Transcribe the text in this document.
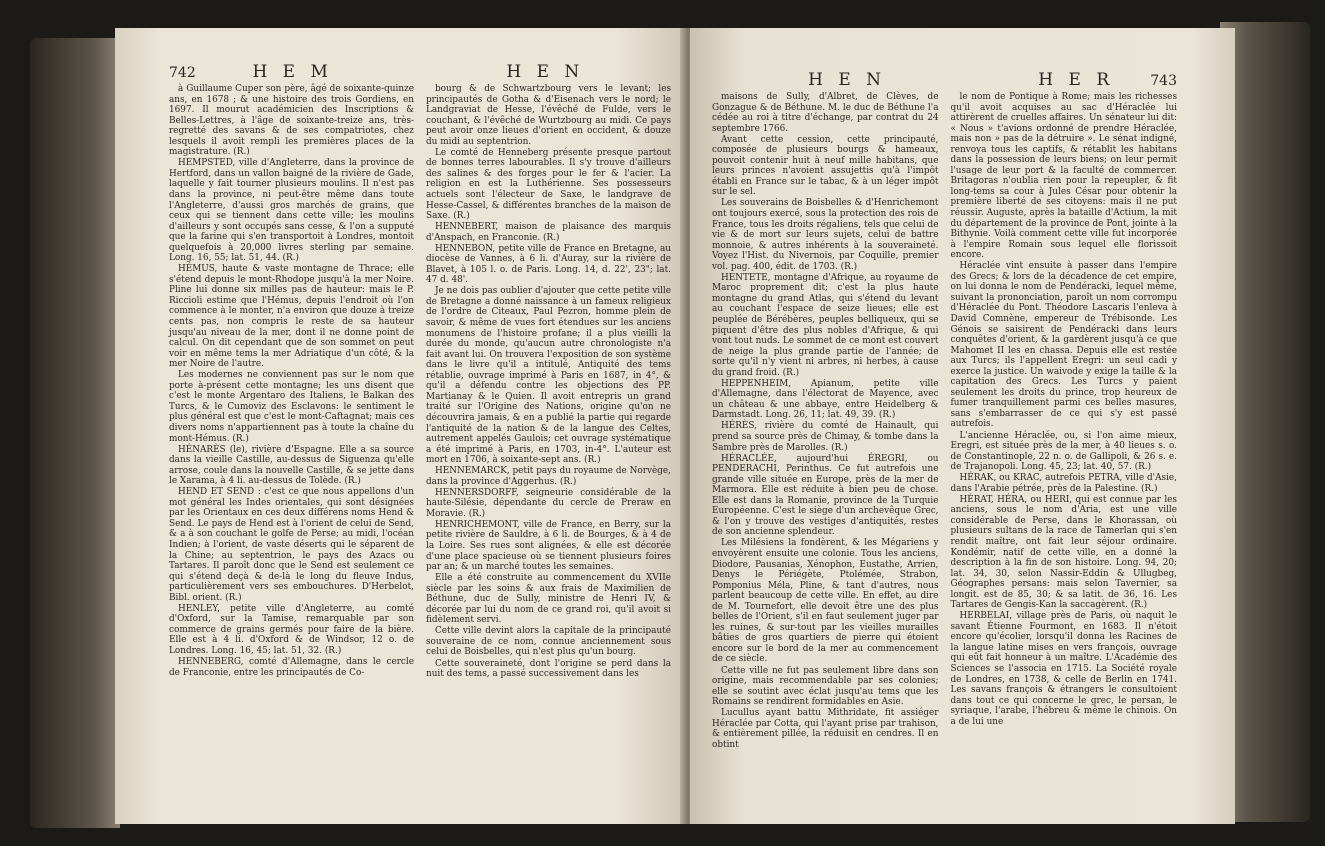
742	H E M	H E N

à Guillaume Cuper son père, âgé de soixante-quinze ans, en 1678 ; & une histoire des trois Gordiens, en 1697. Il mourut académicien des Inscriptions & Belles-Lettres, à l'âge de soixante-treize ans, très-regretté des savans & de ses compatriotes, chez lesquels il avoit rempli les premières places de la magistrature. (R.)

HEMPSTED, ville d'Angleterre, dans la province de Hertford, dans un vallon baigné de la rivière de Gade, laquelle y fait tourner plusieurs moulins. Il n'est pas dans la province, ni peut-être même dans toute l'Angleterre, d'aussi gros marchés de grains, que ceux qui se tiennent dans cette ville; les moulins d'ailleurs y sont occupés sans cesse, & l'on a supputé que la farine qui s'en transportoit à Londres, montoit quelquefois à 20,000 livres sterling par semaine. Long. 16, 55; lat. 51, 44. (R.)

HÉMUS, haute & vaste montagne de Thrace; elle s'étend depuis le mont-Rhodope jusqu'à la mer Noire. Pline lui donne six milles pas de hauteur: mais le P. Riccioli estime que l'Hémus, depuis l'endroit où l'on commence à le monter, n'a environ que douze à treize cents pas, non compris le reste de sa hauteur jusqu'au niveau de la mer, dont il ne donne point de calcul. On dit cependant que de son sommet on peut voir en même tems la mer Adriatique d'un côté, & la mer Noire de l'autre.

Les modernes ne conviennent pas sur le nom que porte à-présent cette montagne; les uns disent que c'est le monte Argentaro des Italiens, le Balkan des Turcs, & le Cumoviz des Esclavons: le sentiment le plus général est que c'est le mont-Caftagnat; mais ces divers noms n'appartiennent pas à toute la chaîne du mont-Hémus. (R.)

HÉNARÈS (le), rivière d'Espagne. Elle a sa source dans la vieille Castille, au-dessus de Siguenza qu'elle arrose, coule dans la nouvelle Castille, & se jette dans le Xarama, à 4 li. au-dessus de Tolède. (R.)

HEND ET SEND : c'est ce que nous appellons d'un mot général les Indes orientales, qui sont désignées par les Orientaux en ces deux différens noms Hend & Send. Le pays de Hend est à l'orient de celui de Send, & a à son couchant le golfe de Perse; au midi, l'océan Indien; à l'orient, de vaste déserts qui le séparent de la Chine; au septentrion, le pays des Azacs ou Tartares. Il paroît donc que le Send est seulement ce qui s'étend deçà & de-là le long du fleuve Indus, particulièrement vers ses embouchures. D'Herbelot, Bibl. orient. (R.)

HENLEY, petite ville d'Angleterre, au comté d'Oxford, sur la Tamise, remarquable par son commerce de grains germés pour faire de la bière. Elle est à 4 li. d'Oxford & de Windsor, 12 o. de Londres. Long. 16, 45; lat. 51, 32. (R.)

HENNEBERG, comté d'Allemagne, dans le cercle de Franconie, entre les principautés de Co-

bourg & de Schwartzbourg vers le levant; les principautés de Gotha & d'Eisenach vers le nord; le Landgraviat de Hesse, l'évêché de Fulde, vers le couchant, & l'évêché de Wurtzbourg au midi. Ce pays peut avoir onze lieues d'orient en occident, & douze du midi au septentrion.

Le comté de Henneberg présente presque partout de bonnes terres labourables. Il s'y trouve d'ailleurs des salines & des forges pour le fer & l'acier. La religion en est la Luthérienne. Ses possesseurs actuels sont l'électeur de Saxe, le landgrave de Hesse-Cassel, & différentes branches de la maison de Saxe. (R.)

HENNEBERT, maison de plaisance des marquis d'Anspach, en Franconie. (R.)

HENNEBON, petite ville de France en Bretagne, au diocèse de Vannes, à 6 li. d'Auray, sur la rivière de Blavet, à 105 l. o. de Paris. Long. 14, d. 22', 23"; lat. 47 d. 48'.

Je ne dois pas oublier d'ajouter que cette petite ville de Bretagne a donné naissance à un fameux religieux de l'ordre de Citeaux, Paul Pezron, homme plein de savoir, & même de vues fort étendues sur les anciens monumens de l'histoire profane; il a plus vieilli la durée du monde, qu'aucun autre chronologiste n'a fait avant lui. On trouvera l'exposition de son système dans le livre qu'il a intitulé, Antiquité des tems rétablie, ouvrage imprimé à Paris en 1687, in 4°, & qu'il a défendu contre les objections des PP. Martianay & le Quien. Il avoit entrepris un grand traité sur l'Origine des Nations, origine qu'on ne découvrira jamais, & en a publié la partie qui regarde l'antiquité de la nation & de la langue des Celtes, autrement appelés Gaulois; cet ouvrage systématique a été imprimé à Paris, en 1703, in-4°. L'auteur est mort en 1706, à soixante-sept ans. (R.)

HENNEMARCK, petit pays du royaume de Norvège, dans la province d'Aggerhus. (R.)

HENNERSDORFF, seigneurie considérable de la haute-Silésie, dépendante du cercle de Preraw en Moravie. (R.)

HENRICHEMONT, ville de France, en Berry, sur la petite rivière de Sauldre, à 6 li. de Bourges, & à 4 de la Loire. Ses rues sont alignées, & elle est décorée d'une place spacieuse où se tiennent plusieurs foires par an; & un marché toutes les semaines.

Elle a été construite au commencement du XVIIe siècle par les soins & aux frais de Maximilien de Béthune, duc de Sully, ministre de Henri IV, & décorée par lui du nom de ce grand roi, qu'il avoit si fidèlement servi.

Cette ville devint alors la capitale de la principauté souveraine de ce nom, connue anciennement sous celui de Boisbelles, qui n'est plus qu'un bourg.

Cette souveraineté, dont l'origine se perd dans la nuit des tems, a passé successivement dans les

H E N	H E R	743

maisons de Sully, d'Albret, de Clèves, de Gonzague & de Béthune. M. le duc de Béthune l'a cédée au roi à titre d'échange, par contrat du 24 septembre 1766.

Avant cette cession, cette principauté, composée de plusieurs bourgs & hameaux, pouvoit contenir huit à neuf mille habitans, que leurs princes n'avoient assujettis qu'à l'impôt établi en France sur le tabac, & à un léger impôt sur le sel.

Les souverains de Boisbelles & d'Henrichemont ont toujours exercé, sous la protection des rois de France, tous les droits régaliens, tels que celui de vie & de mort sur leurs sujets, celui de battre monnoie, & autres inhérents à la souveraineté. Voyez l'Hist. du Nivernois, par Coquille, premier vol. pag. 400, édit. de 1703. (R.)

HENTETE, montagne d'Afrique, au royaume de Maroc proprement dit; c'est la plus haute montagne du grand Atlas, qui s'étend du levant au couchant l'espace de seize lieues; elle est peuplée de Bérébères, peuples belliqueux, qui se piquent d'être des plus nobles d'Afrique, & qui vont tout nuds. Le sommet de ce mont est couvert de neige la plus grande partie de l'année; de sorte qu'il n'y vient ni arbres, ni herbes, à cause du grand froid. (R.)

HEPPENHEIM, Apianum, petite ville d'Allemagne, dans l'électorat de Mayence, avec un château & une abbaye, entre Heidelberg & Darmstadt. Long. 26, 11; lat. 49, 39. (R.)

HÉRÈS, rivière du comté de Hainault, qui prend sa source près de Chimay, & tombe dans la Sambre près de Marolles. (R.)

HÉRACLÉE, aujourd'hui ÉREGRI, ou PENDERACHI, Perinthus. Ce fut autrefois une grande ville située en Europe, près de la mer de Marmora. Elle est réduite à bien peu de chose. Elle est dans la Romanie, province de la Turquie Européenne. C'est le siège d'un archevêque Grec, & l'on y trouve des vestiges d'antiquités, restes de son ancienne splendeur.

Les Milésiens la fondèrent, & les Mégariens y envoyèrent ensuite une colonie. Tous les anciens, Diodore, Pausanias, Xénophon, Eustathe, Arrien, Denys le Périégète, Ptolémée, Strabon, Pomponius Méla, Pline, & tant d'autres, nous parlent beaucoup de cette ville. En effet, au dire de M. Tournefort, elle devoit être une des plus belles de l'Orient, s'il en faut seulement juger par les ruines, & sur-tout par les vieilles murailles bâties de gros quartiers de pierre qui étoient encore sur le bord de la mer au commencement de ce siècle.

Cette ville ne fut pas seulement libre dans son origine, mais recommendable par ses colonies; elle se soutint avec éclat jusqu'au tems que les Romains se rendirent formidables en Asie.

Lucullus ayant battu Mithridate, fit assiéger Héraclée par Cotta, qui l'ayant prise par trahison, & entièrement pillée, la réduisit en cendres. Il en obtint

le nom de Pontique à Rome; mais les richesses qu'il avoit acquises au sac d'Héraclée lui attirèrent de cruelles affaires. Un sénateur lui dit: « Nous » t'avions ordonné de prendre Héraclée, mais non » pas de la détruire ». Le sénat indigné, renvoya tous les captifs, & rétablit les habitans dans la possession de leurs biens; on leur permit l'usage de leur port & la faculté de commercer. Britagoras n'oublia rien pour la repeupler, & fit long-tems sa cour à Jules César pour obtenir la première liberté de ses citoyens: mais il ne put réussir. Auguste, après la bataille d'Actium, la mit du département de la province de Pont, jointe à la Bithynie. Voilà comment cette ville fut incorporée à l'empire Romain sous lequel elle florissoit encore.

Héraclée vint ensuite à passer dans l'empire des Grecs; & lors de la décadence de cet empire, on lui donna le nom de Pendéracki, lequel même, suivant la prononciation, paroît un nom corrompu d'Héraclée du Pont. Théodore Lascaris l'enleva à David Comnène, empereur de Trébisonde. Les Génois se saisirent de Pendéracki dans leurs conquêtes d'orient, & la gardèrent jusqu'à ce que Mahomet II les en chassa. Depuis elle est restée aux Turcs; ils l'appellent Eregri: un seul cadi y exerce la justice. Un waivode y exige la taille & la capitation des Grecs. Les Turcs y paient seulement les droits du prince, trop heureux de fumer tranquillement parmi ces belles masures, sans s'embarrasser de ce qui s'y est passé autrefois.

L'ancienne Héraclée, ou, si l'on aime mieux, Eregri, est située près de la mer, à 40 lieues s. o. de Constantinople, 22 n. o. de Gallipoli, & 26 s. e. de Trajanopoli. Long. 45, 23; lat. 40, 57. (R.)

HÉRAK, ou KRAC, autrefois PETRA, ville d'Asie, dans l'Arabie pétrée, près de la Palestine. (R.)

HÉRAT, HÉRA, ou HERI, qui est connue par les anciens, sous le nom d'Aria, est une ville considérable de Perse, dans le Khorassan, où plusieurs sultans de la race de Tamerlan qui s'en rendit maître, ont fait leur séjour ordinaire. Kondémir, natif de cette ville, en a donné la description à la fin de son histoire. Long. 94, 20; lat. 34, 30, selon Nassir-Eddin & Ullugbeg, Géographes persans: mais selon Tavernier, sa longit. est de 85, 30; & sa latit. de 36, 16. Les Tartares de Gengis-Kan la saccagèrent. (R.)

HERBELAI, village près de Paris, où naquit le savant Étienne Fourmont, en 1683. Il n'étoit encore qu'écolier, lorsqu'il donna les Racines de la langue latine mises en vers françois, ouvrage qui eût fait honneur à un maître. L'Académie des Sciences se l'associa en 1715. La Société royale de Londres, en 1738, & celle de Berlin en 1741. Les savans françois & étrangers le consultoient dans tout ce qui concerne le grec, le persan, le syriaque, l'arabe, l'hébreu & même le chinois. On a de lui une
